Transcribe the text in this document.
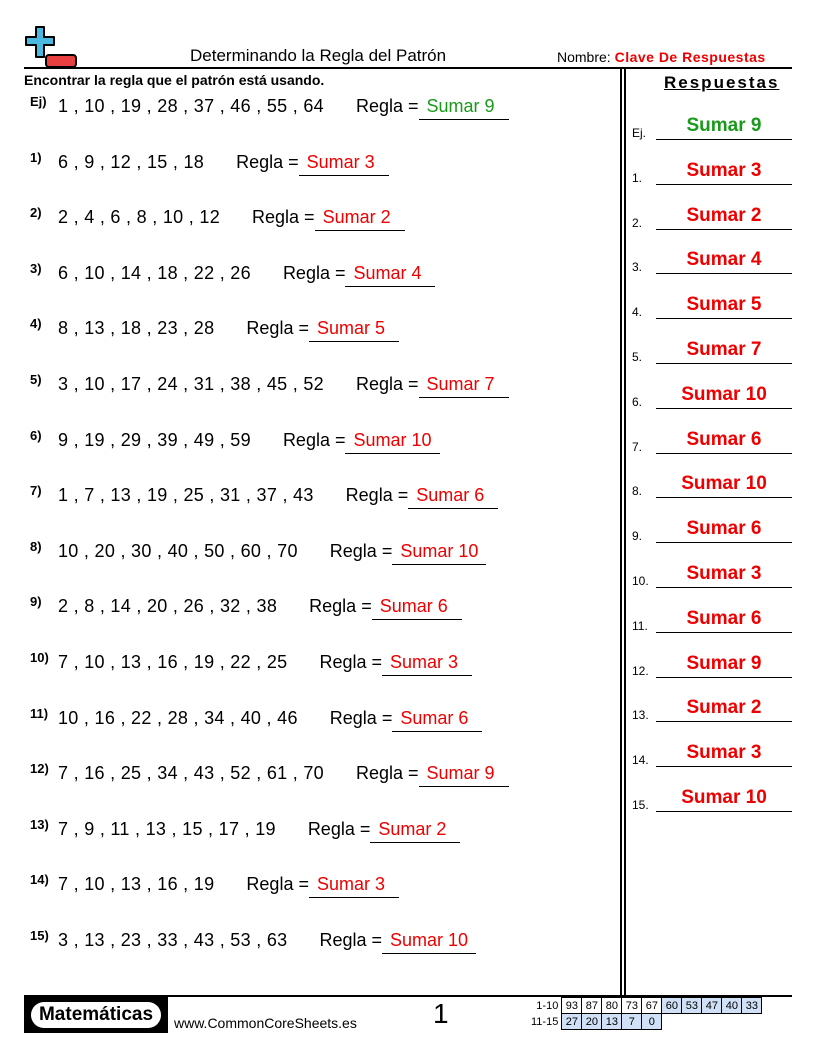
Determinando la Regla del Patrón	Nombre: Clave De Respuestas
Encontrar la regla que el patrón está usando.	Respuestas
Ej) 1 , 10 , 19 , 28 , 37 , 46 , 55 , 64 Regla = Sumar 9
1) 6 , 9 , 12 , 15 , 18 Regla = Sumar 3
2) 2 , 4 , 6 , 8 , 10 , 12 Regla = Sumar 2
3) 6 , 10 , 14 , 18 , 22 , 26 Regla = Sumar 4
4) 8 , 13 , 18 , 23 , 28 Regla = Sumar 5
5) 3 , 10 , 17 , 24 , 31 , 38 , 45 , 52 Regla = Sumar 7
6) 9 , 19 , 29 , 39 , 49 , 59 Regla = Sumar 10
7) 1 , 7 , 13 , 19 , 25 , 31 , 37 , 43 Regla = Sumar 6
8) 10 , 20 , 30 , 40 , 50 , 60 , 70 Regla = Sumar 10
9) 2 , 8 , 14 , 20 , 26 , 32 , 38 Regla = Sumar 6
10) 7 , 10 , 13 , 16 , 19 , 22 , 25 Regla = Sumar 3
11) 10 , 16 , 22 , 28 , 34 , 40 , 46 Regla = Sumar 6
12) 7 , 16 , 25 , 34 , 43 , 52 , 61 , 70 Regla = Sumar 9
13) 7 , 9 , 11 , 13 , 15 , 17 , 19 Regla = Sumar 2
14) 7 , 10 , 13 , 16 , 19 Regla = Sumar 3
15) 3 , 13 , 23 , 33 , 43 , 53 , 63 Regla = Sumar 10
Ej.	Sumar 9
1.	Sumar 3
2.	Sumar 2
3.	Sumar 4
4.	Sumar 5
5.	Sumar 7
6.	Sumar 10
7.	Sumar 6
8.	Sumar 10
9.	Sumar 6
10.	Sumar 3
11.	Sumar 6
12.	Sumar 9
13.	Sumar 2
14.	Sumar 3
15.	Sumar 10
Matemáticas	www.CommonCoreSheets.es	1	1-10	93	87	80	73	67	60	53	47	40	33
11-15	27	20	13	7	0					
